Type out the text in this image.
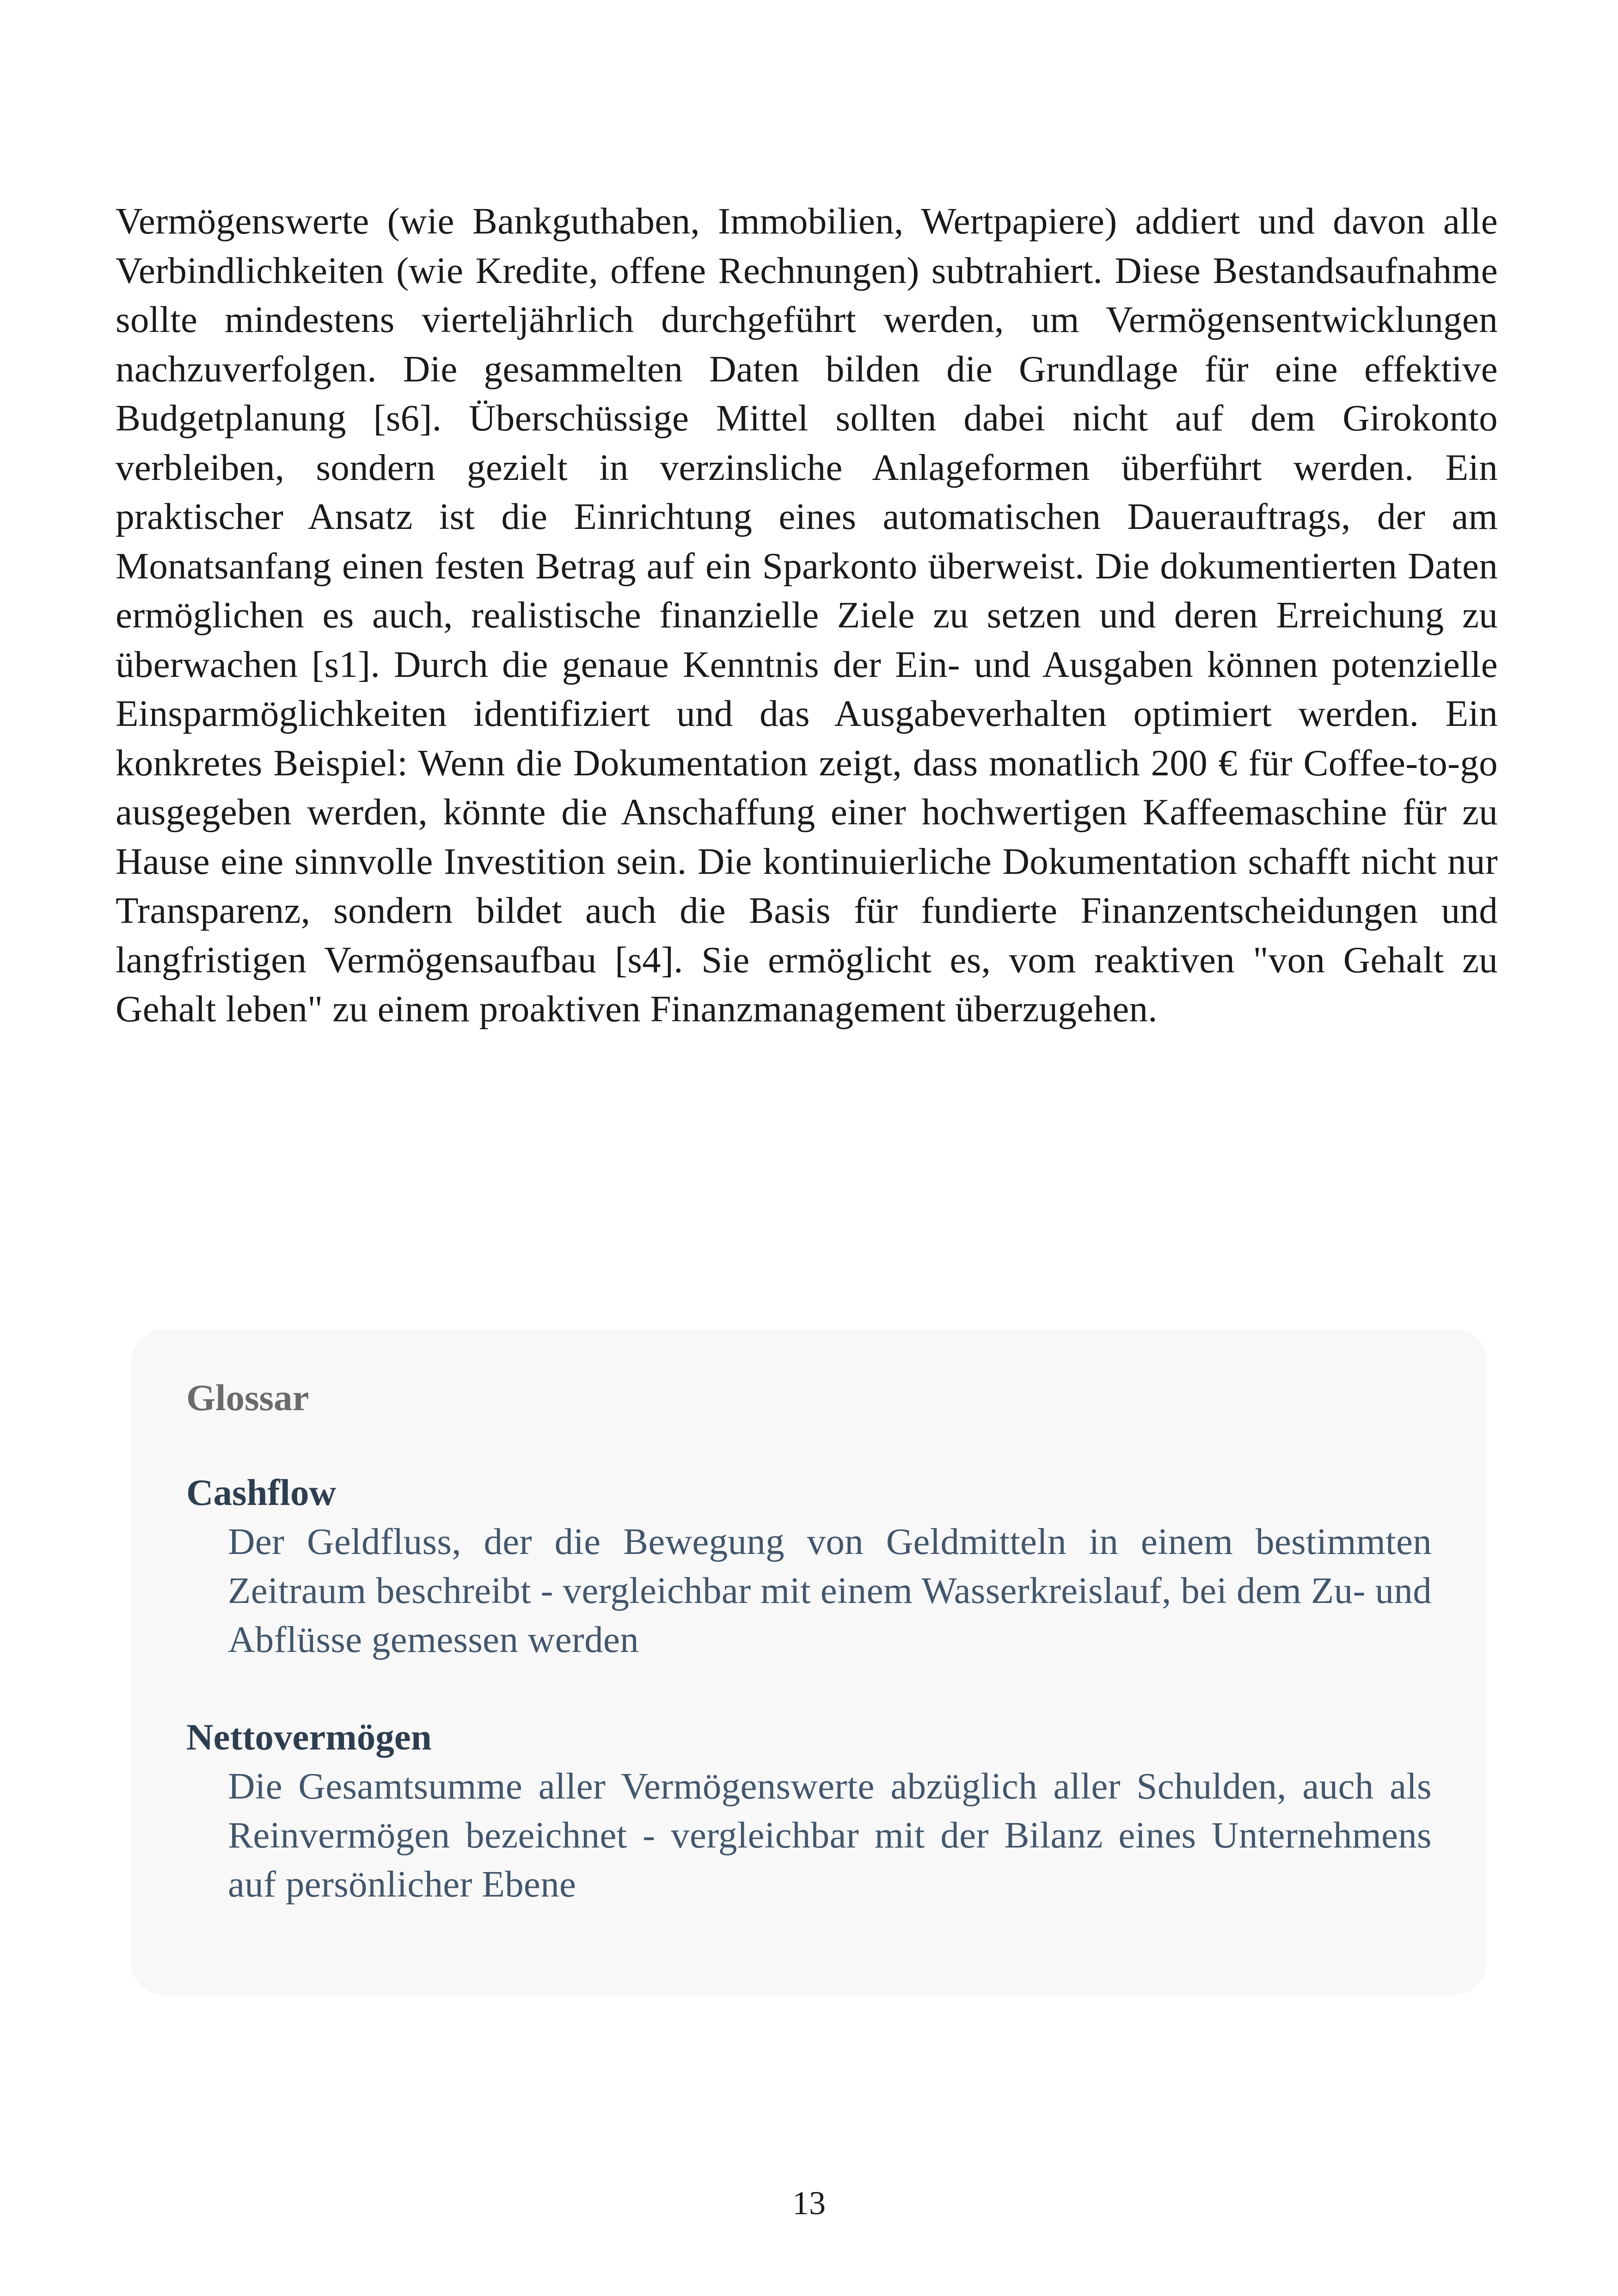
Vermögenswerte (wie Bankguthaben, Immobilien, Wertpapiere) addiert und davon alle Verbindlichkeiten (wie Kredite, offene Rechnungen) subtrahiert. Diese Bestandsaufnahme sollte mindestens vierteljährlich durchgeführt werden, um Vermögensentwicklungen nachzuverfolgen. Die gesammelten Daten bilden die Grundlage für eine effektive Budgetplanung [s6]. Überschüssige Mittel sollten dabei nicht auf dem Girokonto verbleiben, sondern gezielt in verzinsliche Anlageformen überführt werden. Ein praktischer Ansatz ist die Einrichtung eines automatischen Dauerauftrags, der am Monatsanfang einen festen Betrag auf ein Sparkonto überweist. Die dokumentierten Daten ermöglichen es auch, realistische finanzielle Ziele zu setzen und deren Erreichung zu überwachen [s1]. Durch die genaue Kenntnis der Ein- und Ausgaben können potenzielle Einsparmöglichkeiten identifiziert und das Ausgabeverhalten optimiert werden. Ein konkretes Beispiel: Wenn die Dokumentation zeigt, dass monatlich 200 € für Coffee-to-go ausgegeben werden, könnte die Anschaffung einer hochwertigen Kaffeemaschine für zu Hause eine sinnvolle Investition sein. Die kontinuierliche Dokumentation schafft nicht nur Transparenz, sondern bildet auch die Basis für fundierte Finanzentscheidungen und langfristigen Vermögensaufbau [s4]. Sie ermöglicht es, vom reaktiven "von Gehalt zu Gehalt leben" zu einem proaktiven Finanzmanagement überzugehen.

Glossar

Cashflow

Der Geldfluss, der die Bewegung von Geldmitteln in einem bestimmten Zeitraum beschreibt - vergleichbar mit einem Wasserkreislauf, bei dem Zu- und Abflüsse gemessen werden

Nettovermögen

Die Gesamtsumme aller Vermögenswerte abzüglich aller Schulden, auch als Reinvermögen bezeichnet - vergleichbar mit der Bilanz eines Unternehmens auf persönlicher Ebene

13
